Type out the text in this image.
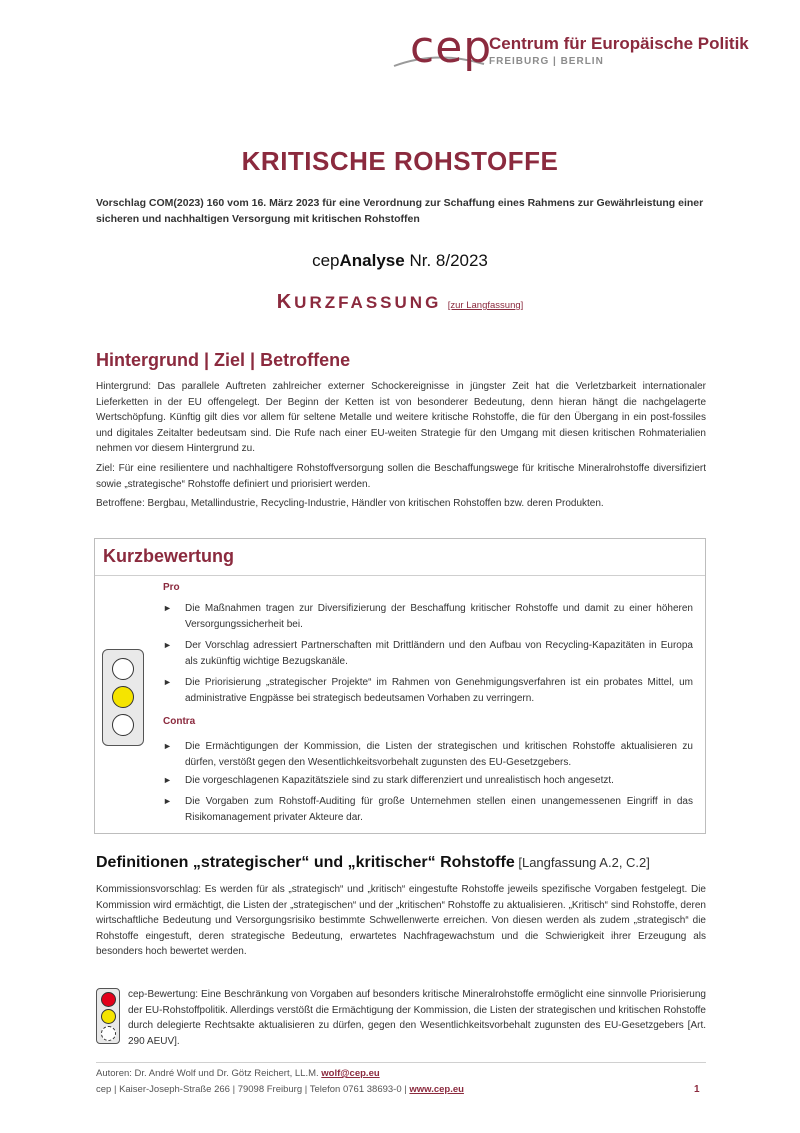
cep
Centrum für Europäische Politik
FREIBURG | BERLIN
KRITISCHE ROHSTOFFE
Vorschlag COM(2023) 160 vom 16. März 2023 für eine Verordnung zur Schaffung eines Rahmens zur Gewährleistung einer sicheren und nachhaltigen Versorgung mit kritischen Rohstoffen
cepAnalyse Nr. 8/2023
KURZFASSUNG [zur Langfassung]
Hintergrund | Ziel | Betroffene
Hintergrund: Das parallele Auftreten zahlreicher externer Schockereignisse in jüngster Zeit hat die Verletzbarkeit internationaler Lieferketten in der EU offengelegt. Der Beginn der Ketten ist von besonderer Bedeutung, denn hieran hängt die nachgelagerte Wertschöpfung. Künftig gilt dies vor allem für seltene Metalle und weitere kritische Rohstoffe, die für den Übergang in ein post-fossiles und digitales Zeitalter bedeutsam sind. Die Rufe nach einer EU-weiten Strategie für den Umgang mit diesen kritischen Rohmaterialien nehmen vor diesem Hintergrund zu.
Ziel: Für eine resilientere und nachhaltigere Rohstoffversorgung sollen die Beschaffungswege für kritische Mineralrohstoffe diversifiziert sowie „strategische“ Rohstoffe definiert und priorisiert werden.
Betroffene: Bergbau, Metallindustrie, Recycling-Industrie, Händler von kritischen Rohstoffen bzw. deren Produkten.
Kurzbewertung
Pro
► Die Maßnahmen tragen zur Diversifizierung der Beschaffung kritischer Rohstoffe und damit zu einer höheren Versorgungssicherheit bei.
► Der Vorschlag adressiert Partnerschaften mit Drittländern und den Aufbau von Recycling-Kapazitäten in Europa als zukünftig wichtige Bezugskanäle.
► Die Priorisierung „strategischer Projekte“ im Rahmen von Genehmigungsverfahren ist ein probates Mittel, um administrative Engpässe bei strategisch bedeutsamen Vorhaben zu verringern.
Contra
► Die Ermächtigungen der Kommission, die Listen der strategischen und kritischen Rohstoffe aktualisieren zu dürfen, verstößt gegen den Wesentlichkeitsvorbehalt zugunsten des EU-Gesetzgebers.
► Die vorgeschlagenen Kapazitätsziele sind zu stark differenziert und unrealistisch hoch angesetzt.
► Die Vorgaben zum Rohstoff-Auditing für große Unternehmen stellen einen unangemessenen Eingriff in das Risikomanagement privater Akteure dar.
Definitionen „strategischer“ und „kritischer“ Rohstoffe [Langfassung A.2, C.2]
Kommissionsvorschlag: Es werden für als „strategisch“ und „kritisch“ eingestufte Rohstoffe jeweils spezifische Vorgaben festgelegt. Die Kommission wird ermächtigt, die Listen der „strategischen“ und der „kritischen“ Rohstoffe zu aktualisieren. „Kritisch“ sind Rohstoffe, deren wirtschaftliche Bedeutung und Versorgungsrisiko bestimmte Schwellenwerte erreichen. Von diesen werden als zudem „strategisch“ die Rohstoffe eingestuft, deren strategische Bedeutung, erwartetes Nachfragewachstum und die Schwierigkeit ihrer Erzeugung als besonders hoch bewertet werden.
cep-Bewertung: Eine Beschränkung von Vorgaben auf besonders kritische Mineralrohstoffe ermöglicht eine sinnvolle Priorisierung der EU-Rohstoffpolitik. Allerdings verstößt die Ermächtigung der Kommission, die Listen der strategischen und kritischen Rohstoffe durch delegierte Rechtsakte aktualisieren zu dürfen, gegen den Wesentlichkeitsvorbehalt zugunsten des EU-Gesetzgebers [Art. 290 AEUV].
Autoren: Dr. André Wolf und Dr. Götz Reichert, LL.M. wolf@cep.eu
cep | Kaiser-Joseph-Straße 266 | 79098 Freiburg | Telefon 0761 38693-0 | www.cep.eu	1
